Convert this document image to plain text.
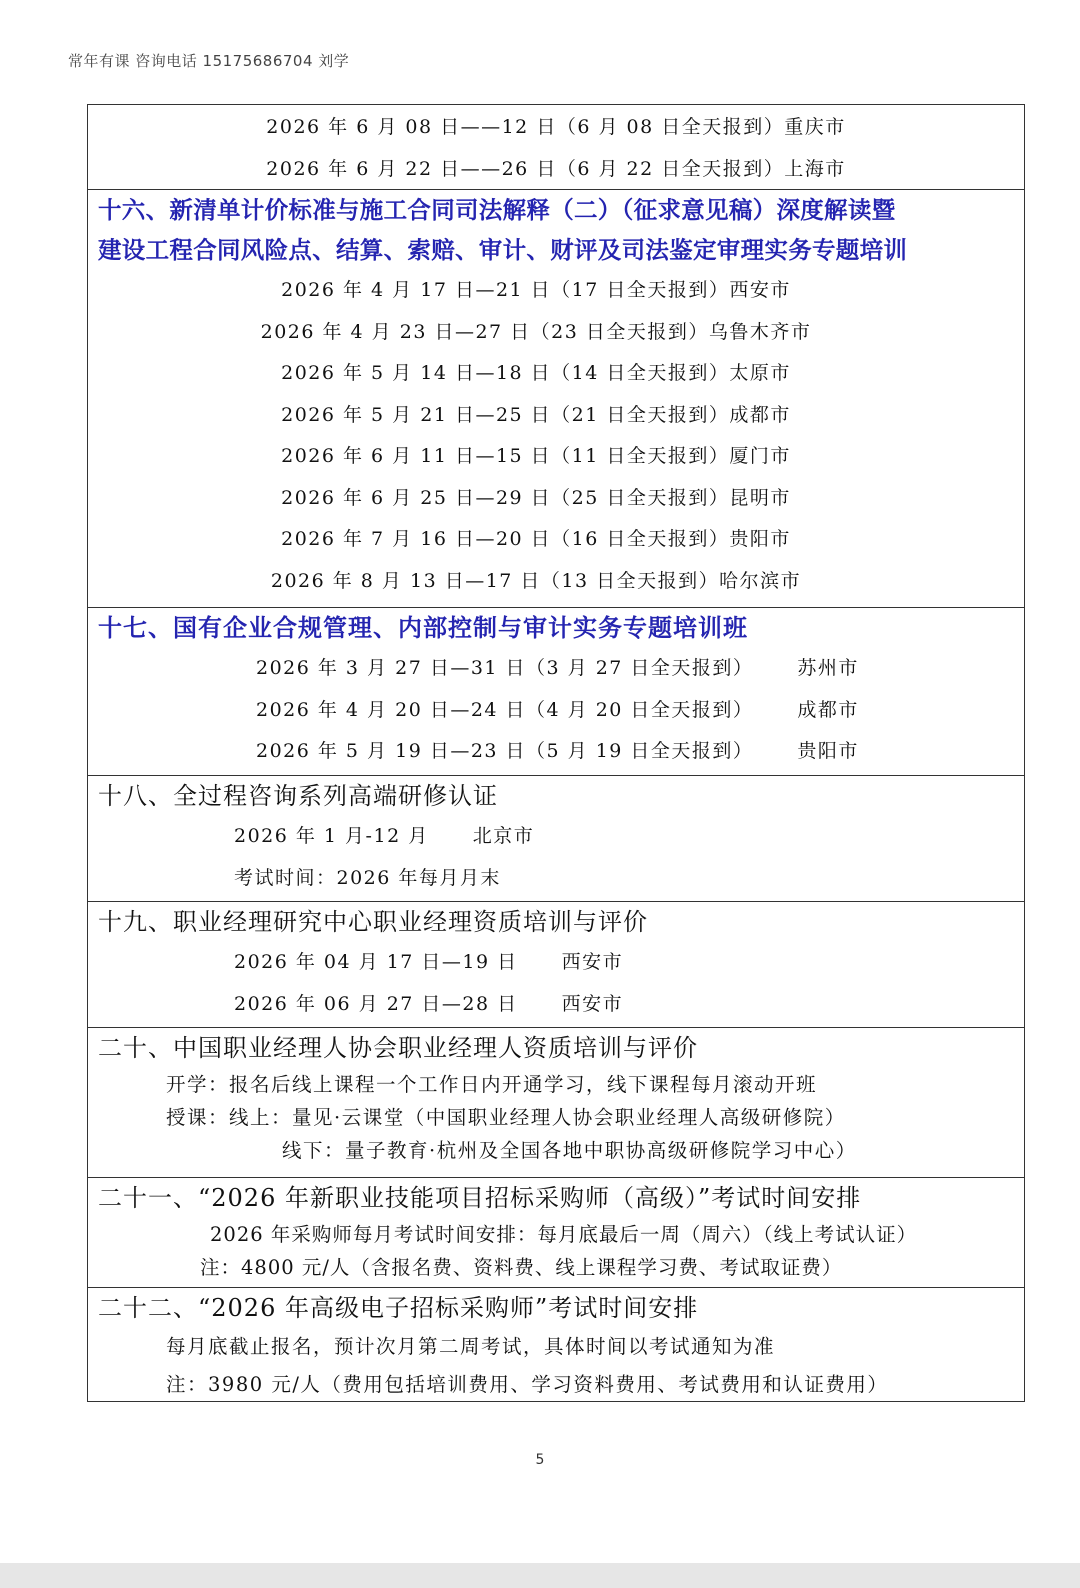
常年有课 咨询电话 15175686704 刘学
2026 年 6 月 08 日——12 日（6 月 08 日全天报到）重庆市
2026 年 6 月 22 日——26 日（6 月 22 日全天报到）上海市
十六、新清单计价标准与施工合同司法解释（二）（征求意见稿）深度解读暨
建设工程合同风险点、结算、索赔、审计、财评及司法鉴定审理实务专题培训
2026 年 4 月 17 日—21 日（17 日全天报到）西安市
2026 年 4 月 23 日—27 日（23 日全天报到）乌鲁木齐市
2026 年 5 月 14 日—18 日（14 日全天报到）太原市
2026 年 5 月 21 日—25 日（21 日全天报到）成都市
2026 年 6 月 11 日—15 日（11 日全天报到）厦门市
2026 年 6 月 25 日—29 日（25 日全天报到）昆明市
2026 年 7 月 16 日—20 日（16 日全天报到）贵阳市
2026 年 8 月 13 日—17 日（13 日全天报到）哈尔滨市
十七、国有企业合规管理、内部控制与审计实务专题培训班
2026 年 3 月 27 日—31 日（3 月 27 日全天报到） 苏州市
2026 年 4 月 20 日—24 日（4 月 20 日全天报到） 成都市
2026 年 5 月 19 日—23 日（5 月 19 日全天报到） 贵阳市
十八、全过程咨询系列高端研修认证
2026 年 1 月-12 月 北京市
考试时间：2026 年每月月末
十九、职业经理研究中心职业经理资质培训与评价
2026 年 04 月 17 日—19 日 西安市
2026 年 06 月 27 日—28 日 西安市
二十、中国职业经理人协会职业经理人资质培训与评价
开学：报名后线上课程一个工作日内开通学习，线下课程每月滚动开班
授课：线上：量见·云课堂（中国职业经理人协会职业经理人高级研修院）
线下：量子教育·杭州及全国各地中职协高级研修院学习中心）
二十一、“2026 年新职业技能项目招标采购师（高级）”考试时间安排
2026 年采购师每月考试时间安排：每月底最后一周（周六）（线上考试认证）
注：4800 元/人（含报名费、资料费、线上课程学习费、考试取证费）
二十二、“2026 年高级电子招标采购师”考试时间安排
每月底截止报名，预计次月第二周考试，具体时间以考试通知为准
注：3980 元/人（费用包括培训费用、学习资料费用、考试费用和认证费用）
5
